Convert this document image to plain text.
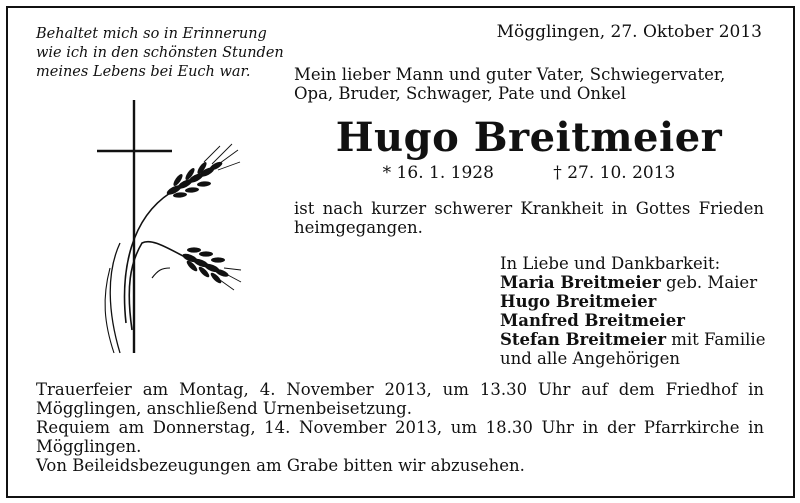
Behaltet mich so in Erinnerung
wie ich in den schönsten Stunden
meines Lebens bei Euch war.
Mögglingen, 27. Oktober 2013
Mein lieber Mann und guter Vater, Schwiegervater, Opa, Bruder, Schwager, Pate und Onkel
Hugo Breitmeier
* 16. 1. 1928	† 27. 10. 2013
ist nach kurzer schwerer Krankheit in Gottes Frieden heimgegangen.
In Liebe und Dankbarkeit:
Maria Breitmeier geb. Maier
Hugo Breitmeier
Manfred Breitmeier
Stefan Breitmeier mit Familie
und alle Angehörigen

Trauerfeier am Montag, 4. November 2013, um 13.30 Uhr auf dem Friedhof in Mögglingen, anschließend Urnenbeisetzung.

Requiem am Donnerstag, 14. November 2013, um 18.30 Uhr in der Pfarrkirche in Mögglingen.

Von Beileidsbezeugungen am Grabe bitten wir abzusehen.
